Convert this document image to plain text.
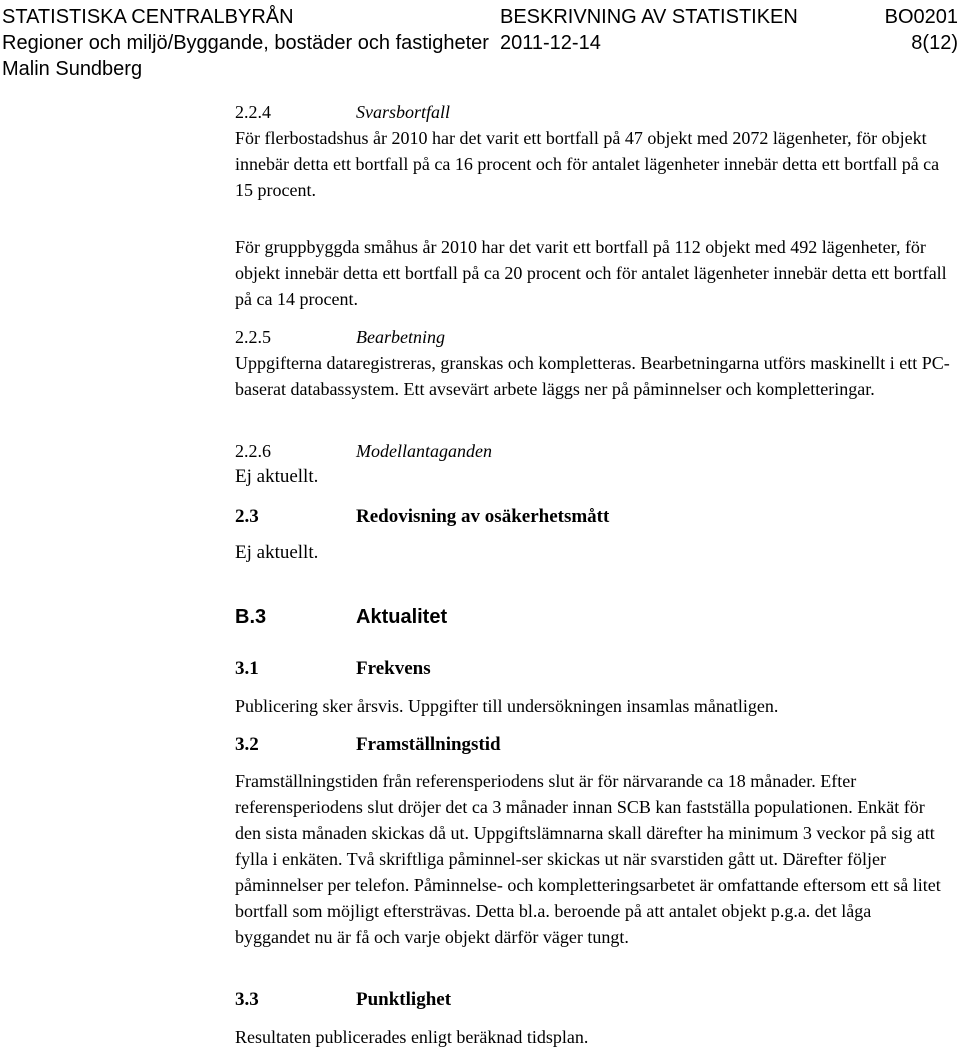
STATISTISKA CENTRALBYRÅN	BESKRIVNING AV STATISTIKEN	BO0201
Regioner och miljö/Byggande, bostäder och fastigheter 2011-12-14	8(12)
Malin Sundberg
2.2.4	Svarsbortfall

För flerbostadshus år 2010 har det varit ett bortfall på 47 objekt med 2072 lägenheter, för objekt innebär detta ett bortfall på ca 16 procent och för antalet lägenheter innebär detta ett bortfall på ca 15 procent.

För gruppbyggda småhus år 2010 har det varit ett bortfall på 112 objekt med 492 lägenheter, för objekt innebär detta ett bortfall på ca 20 procent och för antalet lägenheter innebär detta ett bortfall på ca 14 procent.

2.2.5	Bearbetning

Uppgifterna dataregistreras, granskas och kompletteras. Bearbetningarna utförs maskinellt i ett PC-baserat databassystem. Ett avsevärt arbete läggs ner på påminnelser och kompletteringar.

2.2.6	Modellantaganden

Ej aktuellt.

2.3	Redovisning av osäkerhetsmått

Ej aktuellt.

B.3	Aktualitet
3.1	Frekvens

Publicering sker årsvis. Uppgifter till undersökningen insamlas månatligen.

3.2	Framställningstid

Framställningstiden från referensperiodens slut är för närvarande ca 18 månader. Efter referensperiodens slut dröjer det ca 3 månader innan SCB kan fastställa populationen. Enkät för den sista månaden skickas då ut. Uppgiftslämnarna skall därefter ha minimum 3 veckor på sig att fylla i enkäten. Två skriftliga påminnel-ser skickas ut när svarstiden gått ut. Därefter följer påminnelser per telefon. Påminnelse- och kompletteringsarbetet är omfattande eftersom ett så litet bortfall som möjligt eftersträvas. Detta bl.a. beroende på att antalet objekt p.g.a. det låga byggandet nu är få och varje objekt därför väger tungt.

3.3	Punktlighet

Resultaten publicerades enligt beräknad tidsplan.
